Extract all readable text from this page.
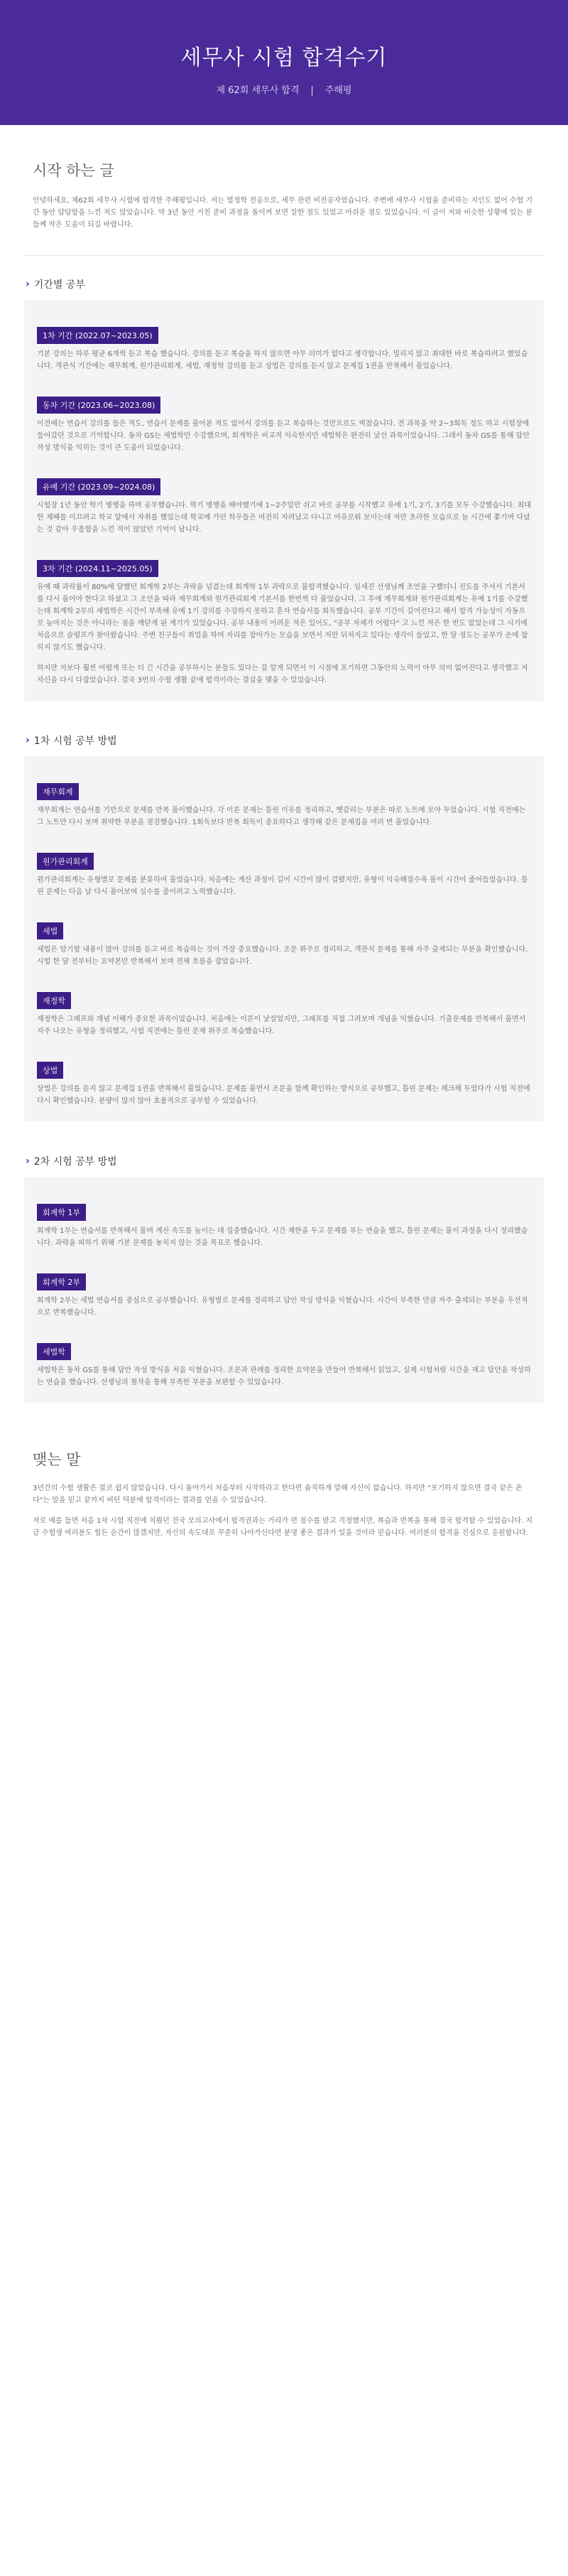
세무사 시험 합격수기
제 62회 세무사 합격 | 주해평
시작 하는 글

안녕하세요, 제62회 세무사 시험에 합격한 주해평입니다. 저는 법정학 전공으로, 세무 관련 비전공자였습니다. 주변에 세무사 시험을 준비하는 지인도 없어 수험 기간 동안 답답함을 느낀 적도 많았습니다. 약 3년 동안 거친 준비 과정을 돌이켜 보면 잘한 점도 있었고 아쉬운 점도 있었습니다. 이 글이 저와 비슷한 상황에 있는 분들께 작은 도움이 되길 바랍니다.

› 기간별 공부
1차 기간 (2022.07~2023.05)

기본 강의는 하루 평균 6개씩 듣고 복습 했습니다. 강의를 듣고 복습을 하지 않으면 아무 의미가 없다고 생각합니다. 밀리지 않고 최대한 바로 복습하려고 했었습니다. 객관식 기간에는 재무회계, 원가관리회계, 세법, 재정학 강의를 듣고 상법은 강의를 듣지 않고 문제집 1권을 반복해서 풀었습니다.

동차 기간 (2023.06~2023.08)

이전에는 연습서 강의를 들은 적도, 연습서 문제를 풀어본 적도 없어서 강의를 듣고 복습하는 것만으로도 벅찼습니다. 전 과목을 약 2~3회독 정도 하고 시험장에 들어갔던 것으로 기억합니다. 동차 GS는 세법학만 수강했으며, 회계학은 비교적 익숙한지만 세법학은 완전히 낯선 과목이었습니다. 그래서 동차 GS를 통해 답안 작성 방식을 익히는 것이 큰 도움이 되었습니다.

유예 기간 (2023.09~2024.08)

시험장 1년 동안 학기 병행을 하며 공부했습니다. 학기 병행을 해야했기에 1~2주일만 쉬고 바로 공부를 시작했고 유예 1기, 2기, 3기를 모두 수강했습니다. 최대한 제때를 이끄려고 학교 앞에서 자취를 했었는데 학교에 가던 학우들은 여전히 자려났고 다니고 여유로워 보이는데 저만 초라한 모습으로 늘 시간에 쫓기며 다녔는 것 같아 우울함을 느낀 적이 많았던 기억이 납니다.

3차 기간 (2024.11~2025.05)

유예 때 과락률이 80%에 달했던 회계학 2부는 과락을 넘겼는데 회계학 1부 과락으로 불합격했습니다. 임세진 선생님께 조언을 구했더니 진도를 주셔서 기본서를 다시 풀어야 한다고 하셨고 그 조언을 따라 재무회계와 원가관리회계 기본서를 한번씩 다 풀었습니다. 그 후에 재무회계와 원가관리회계는 유예 1기를 수강했는데 회계학 2부의 세법학은 시간이 부족해 유예 1기 강의를 수강하지 못하고 혼자 연습서를 회독했습니다. 공부 기간이 길어진다고 해서 합격 가능성이 자동으로 높아지는 것은 아니라는 점을 깨닫게 된 계기가 있었습니다. 공부 내용이 어려운 적은 있어도, "공부 자체가 어렵다" 고 느낀 적은 한 번도 없었는데 그 시기에 처음으로 슬럼프가 찾아왔습니다. 주변 친구들이 취업을 하며 자리를 잡아가는 모습을 보면서 저만 뒤쳐지고 있다는 생각이 들었고, 한 달 정도는 공부가 손에 잡히지 않기도 했습니다.

하지만 저보다 훨씬 어렵게 또는 더 긴 시간을 공부하시는 분들도 있다는 걸 알게 되면서 이 시점에 포기하면 그동안의 노력이 아무 의미 없어진다고 생각했고 저 자신을 다시 다잡았습니다. 결국 3번의 수험 생활 끝에 합격이라는 결실을 맺을 수 있었습니다.

› 1차 시험 공부 방법
재무회계

재무회계는 연습서를 기반으로 문제를 반복 풀이했습니다. 각 이론 문제는 틀린 이유를 정리하고, 헷갈리는 부분은 따로 노트에 모아 두었습니다. 시험 직전에는 그 노트만 다시 보며 취약한 부분을 점검했습니다. 1회독보다 반복 회독이 중요하다고 생각해 같은 문제집을 여러 번 풀었습니다.

원가관리회계

원가관리회계는 유형별로 문제를 분류하여 풀었습니다. 처음에는 계산 과정이 길어 시간이 많이 걸렸지만, 유형이 익숙해질수록 풀이 시간이 줄어들었습니다. 틀린 문제는 다음 날 다시 풀어보며 실수를 줄이려고 노력했습니다.

세법

세법은 암기할 내용이 많아 강의를 듣고 바로 복습하는 것이 가장 중요했습니다. 조문 위주로 정리하고, 객관식 문제를 통해 자주 출제되는 부분을 확인했습니다. 시험 한 달 전부터는 요약본만 반복해서 보며 전체 흐름을 잡았습니다.

재정학

재정학은 그래프와 개념 이해가 중요한 과목이었습니다. 처음에는 이론이 낯설었지만, 그래프를 직접 그려보며 개념을 익혔습니다. 기출문제를 반복해서 풀면서 자주 나오는 유형을 정리했고, 시험 직전에는 틀린 문제 위주로 복습했습니다.

상법

상법은 강의를 듣지 않고 문제집 1권을 반복해서 풀었습니다. 문제를 풀면서 조문을 함께 확인하는 방식으로 공부했고, 틀린 문제는 체크해 두었다가 시험 직전에 다시 확인했습니다. 분량이 많지 않아 효율적으로 공부할 수 있었습니다.

› 2차 시험 공부 방법
회계학 1부

회계학 1부는 연습서를 반복해서 풀며 계산 속도를 높이는 데 집중했습니다. 시간 제한을 두고 문제를 푸는 연습을 했고, 틀린 문제는 풀이 과정을 다시 정리했습니다. 과락을 피하기 위해 기본 문제를 놓치지 않는 것을 목표로 했습니다.

회계학 2부

회계학 2부는 세법 연습서를 중심으로 공부했습니다. 유형별로 문제를 정리하고 답안 작성 방식을 익혔습니다. 시간이 부족한 만큼 자주 출제되는 부분을 우선적으로 반복했습니다.

세법학

세법학은 동차 GS를 통해 답안 작성 방식을 처음 익혔습니다. 조문과 판례를 정리한 요약본을 만들어 반복해서 읽었고, 실제 시험처럼 시간을 재고 답안을 작성하는 연습을 했습니다. 선생님의 첨삭을 통해 부족한 부분을 보완할 수 있었습니다.

맺는 말

3년간의 수험 생활은 결코 쉽지 않았습니다. 다시 돌아가서 처음부터 시작하라고 한다면 솔직하게 말해 자신이 없습니다. 하지만 "포기하지 않으면 결국 끝은 온다"는 말을 믿고 끝까지 버틴 덕분에 합격이라는 결과를 얻을 수 있었습니다.

저로 예를 들면 처음 1차 시험 직전에 치뤘던 전국 모의고사에서 합격권과는 거리가 먼 점수를 받고 걱정했지만, 복습과 반복을 통해 결국 합격할 수 있었습니다. 지금 수험생 여러분도 힘든 순간이 많겠지만, 자신의 속도대로 꾸준히 나아가신다면 분명 좋은 결과가 있을 것이라 믿습니다. 여러분의 합격을 진심으로 응원합니다.
